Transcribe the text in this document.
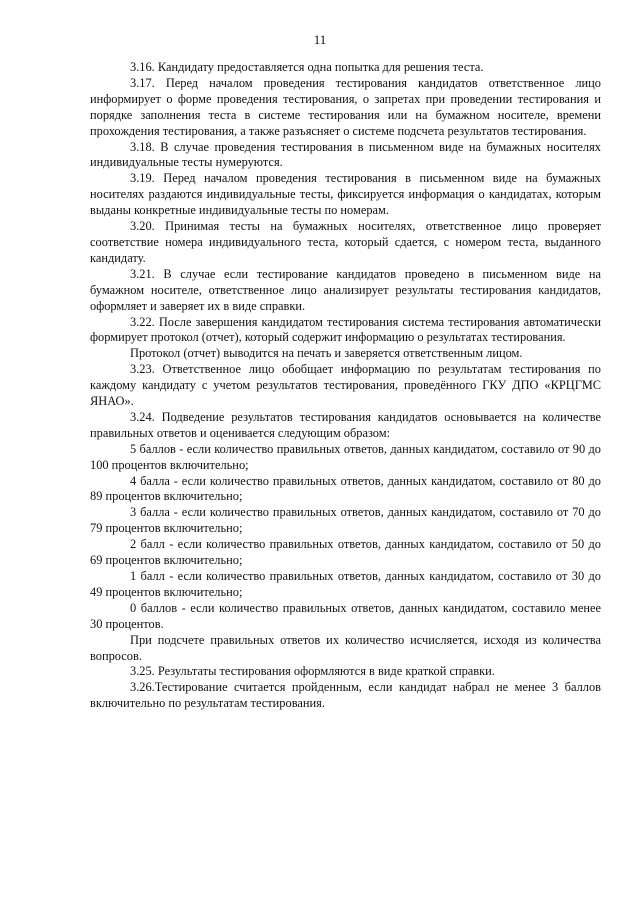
11

3.16. Кандидату предоставляется одна попытка для решения теста.

3.17. Перед началом проведения тестирования кандидатов ответственное лицо информирует о форме проведения тестирования, о запретах при проведении тестирования и порядке заполнения теста в системе тестирования или на бумажном носителе, времени прохождения тестирования, а также разъясняет о системе подсчета результатов тестирования.

3.18. В случае проведения тестирования в письменном виде на бумажных носителях индивидуальные тесты нумеруются.

3.19. Перед началом проведения тестирования в письменном виде на бумажных носителях раздаются индивидуальные тесты, фиксируется информация о кандидатах, которым выданы конкретные индивидуальные тесты по номерам.

3.20. Принимая тесты на бумажных носителях, ответственное лицо проверяет соответствие номера индивидуального теста, который сдается, с номером теста, выданного кандидату.

3.21. В случае если тестирование кандидатов проведено в письменном виде на бумажном носителе, ответственное лицо анализирует результаты тестирования кандидатов, оформляет и заверяет их в виде справки.

3.22. После завершения кандидатом тестирования система тестирования автоматически формирует протокол (отчет), который содержит информацию о результатах тестирования.

Протокол (отчет) выводится на печать и заверяется ответственным лицом.

3.23. Ответственное лицо обобщает информацию по результатам тестирования по каждому кандидату с учетом результатов тестирования, проведённого ГКУ ДПО «КРЦГМС ЯНАО».

3.24. Подведение результатов тестирования кандидатов основывается на количестве правильных ответов и оценивается следующим образом:

5 баллов - если количество правильных ответов, данных кандидатом, составило от 90 до 100 процентов включительно;

4 балла - если количество правильных ответов, данных кандидатом, составило от 80 до 89 процентов включительно;

3 балла - если количество правильных ответов, данных кандидатом, составило от 70 до 79 процентов включительно;

2 балл - если количество правильных ответов, данных кандидатом, составило от 50 до 69 процентов включительно;

1 балл - если количество правильных ответов, данных кандидатом, составило от 30 до 49 процентов включительно;

0 баллов - если количество правильных ответов, данных кандидатом, составило менее 30 процентов.

При подсчете правильных ответов их количество исчисляется, исходя из количества вопросов.

3.25. Результаты тестирования оформляются в виде краткой справки.

3.26.Тестирование считается пройденным, если кандидат набрал не менее 3 баллов включительно по результатам тестирования.
